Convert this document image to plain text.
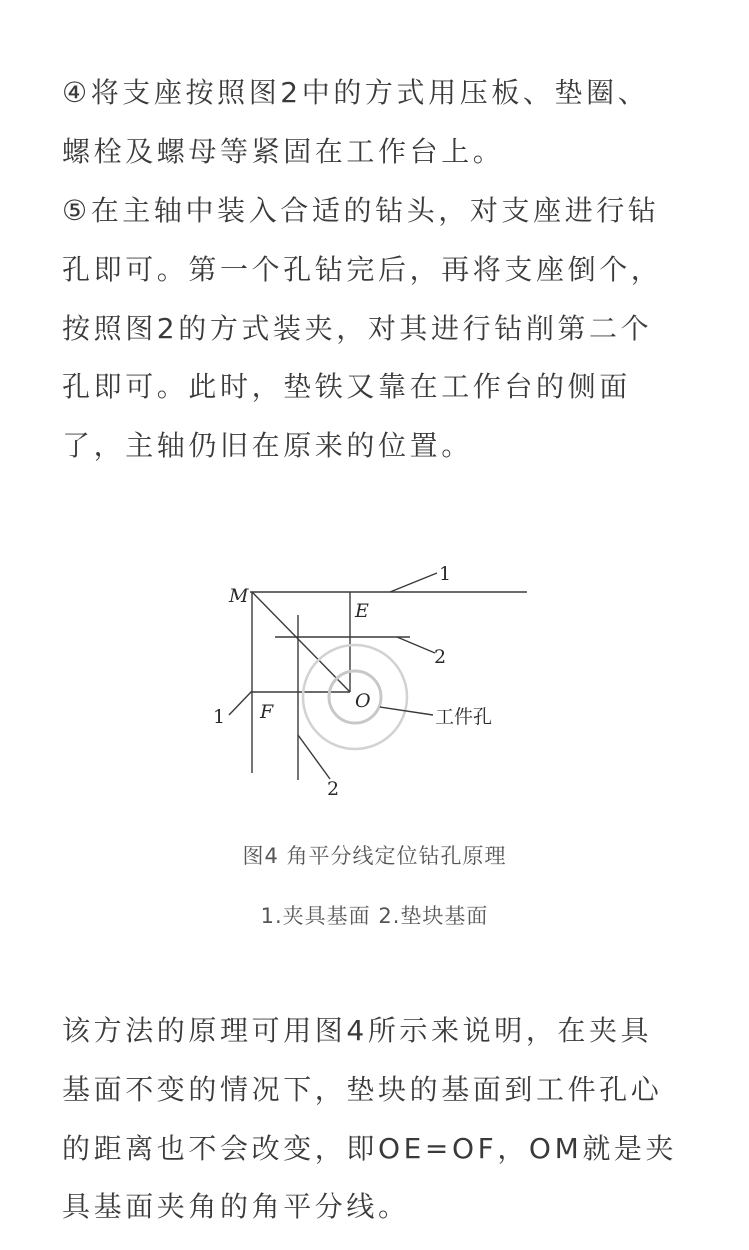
④将支座按照图2中的方式用压板、垫圈、
螺栓及螺母等紧固在工作台上。
⑤在主轴中装入合适的钻头，对支座进行钻
孔即可。第一个孔钻完后，再将支座倒个，
按照图2的方式装夹，对其进行钻削第二个
孔即可。此时，垫铁又靠在工作台的侧面
了，主轴仍旧在原来的位置。
M
E
F	O
1
2
1
2
工件孔
图4 角平分线定位钻孔原理
1.夹具基面 2.垫块基面
该方法的原理可用图4所示来说明，在夹具
基面不变的情况下，垫块的基面到工件孔心
的距离也不会改变，即OE=OF，OM就是夹
具基面夹角的角平分线。
